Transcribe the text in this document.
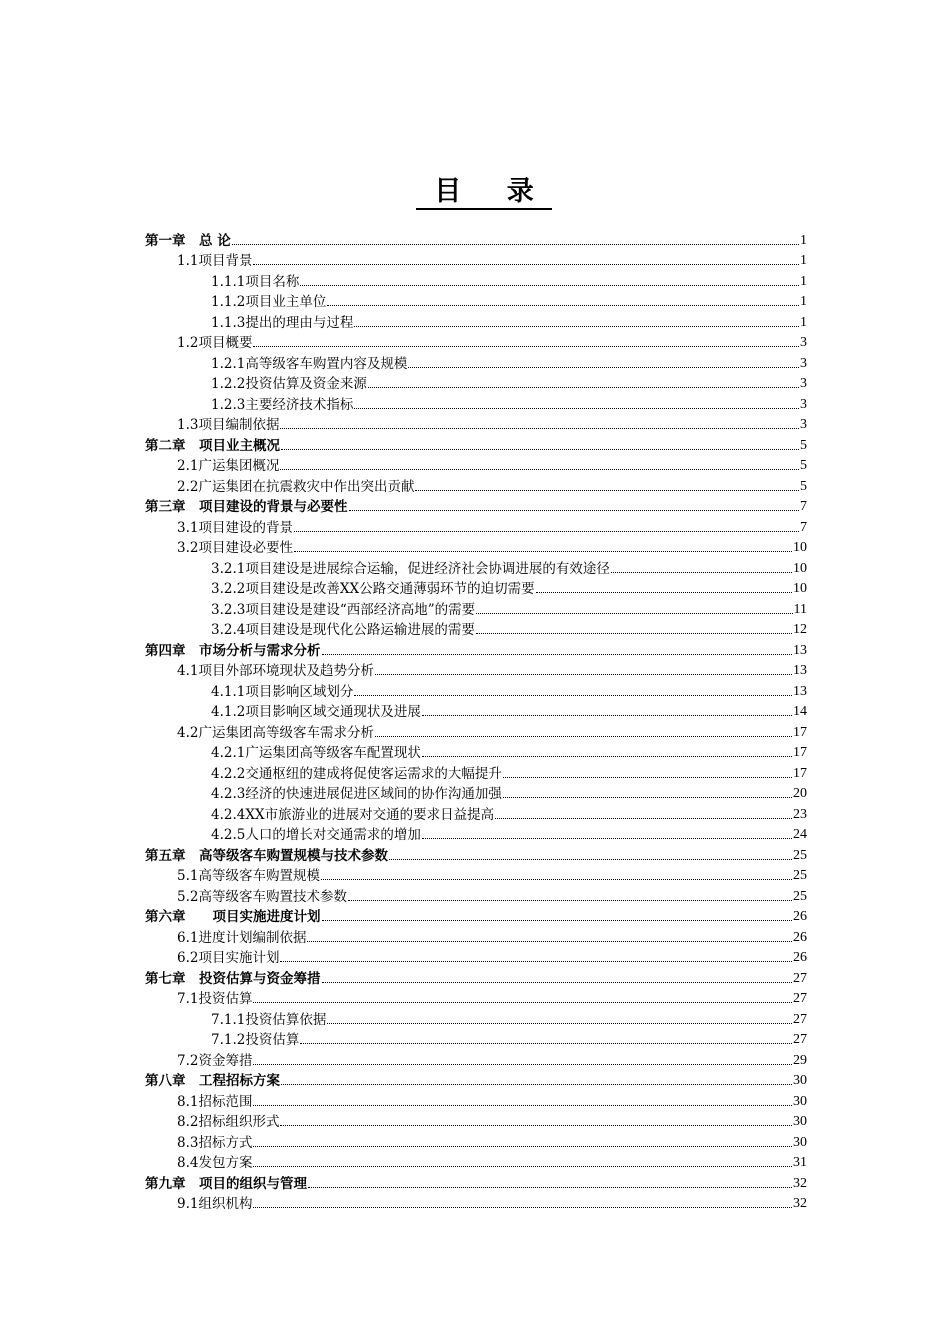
目 录
第一章　总 论	1
1.1项目背景	1
1.1.1项目名称	1
1.1.2项目业主单位	1
1.1.3提出的理由与过程	1
1.2项目概要	3
1.2.1高等级客车购置内容及规模	3
1.2.2投资估算及资金来源	3
1.2.3主要经济技术指标	3
1.3项目编制依据	3
第二章　项目业主概况	5
2.1广运集团概况	5
2.2广运集团在抗震救灾中作出突出贡献	5
第三章　项目建设的背景与必要性	7
3.1项目建设的背景	7
3.2项目建设必要性	10
3.2.1项目建设是进展综合运输，促进经济社会协调进展的有效途径	10
3.2.2项目建设是改善XX公路交通薄弱环节的迫切需要	10
3.2.3项目建设是建设“西部经济高地”的需要	11
3.2.4项目建设是现代化公路运输进展的需要	12
第四章　市场分析与需求分析	13
4.1项目外部环境现状及趋势分析	13
4.1.1项目影响区域划分	13
4.1.2项目影响区域交通现状及进展	14
4.2广运集团高等级客车需求分析	17
4.2.1广运集团高等级客车配置现状	17
4.2.2交通枢纽的建成将促使客运需求的大幅提升	17
4.2.3经济的快速进展促进区域间的协作沟通加强	20
4.2.4XX市旅游业的进展对交通的要求日益提高	23
4.2.5人口的增长对交通需求的增加	24
第五章　高等级客车购置规模与技术参数	25
5.1高等级客车购置规模	25
5.2高等级客车购置技术参数	25
第六章　　项目实施进度计划	26
6.1进度计划编制依据	26
6.2项目实施计划	26
第七章　投资估算与资金筹措	27
7.1投资估算	27
7.1.1投资估算依据	27
7.1.2投资估算	27
7.2资金筹措	29
第八章　工程招标方案	30
8.1招标范围	30
8.2招标组织形式	30
8.3招标方式	30
8.4发包方案	31
第九章　项目的组织与管理	32
9.1组织机构	32
